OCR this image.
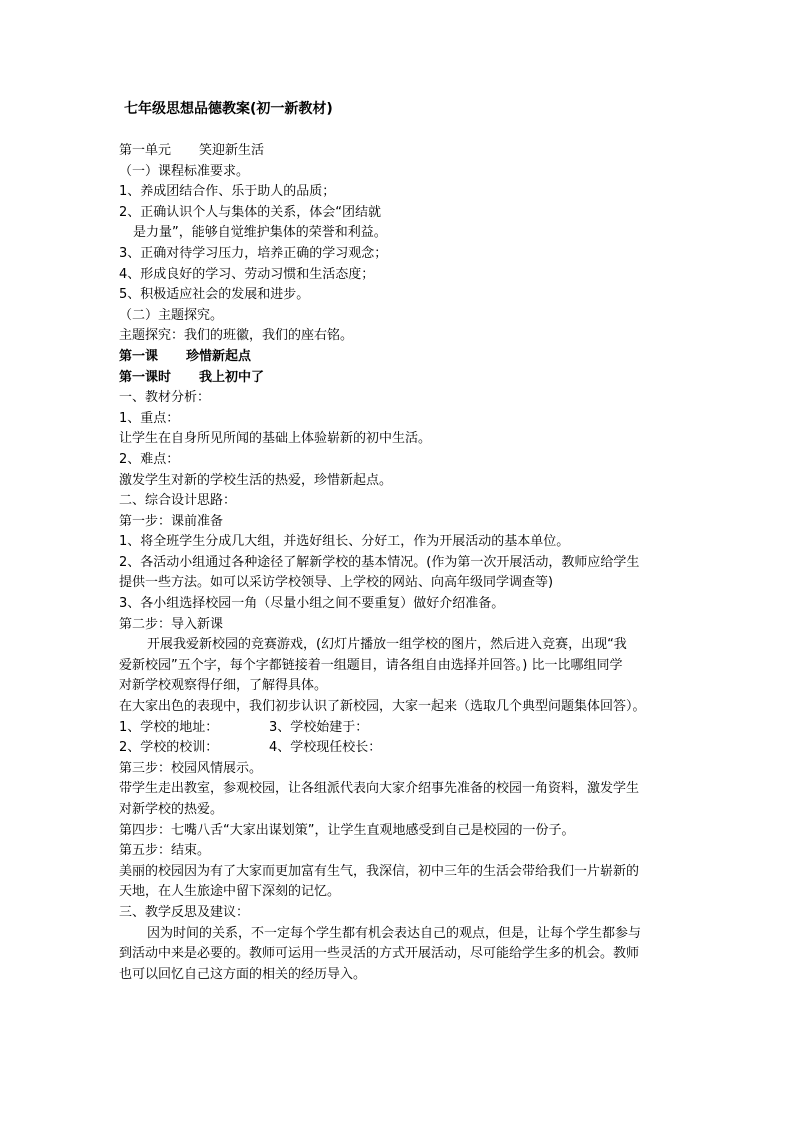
七年级思想品德教案(初一新教材)
第一单元 笑迎新生活
（一）课程标准要求。
1、养成团结合作、乐于助人的品质；
2、正确认识个人与集体的关系，体会“团结就
是力量”，能够自觉维护集体的荣誉和利益。
3、正确对待学习压力，培养正确的学习观念；
4、形成良好的学习、劳动习惯和生活态度；
5、积极适应社会的发展和进步。
（二）主题探究。
主题探究：我们的班徽，我们的座右铭。
第一课 珍惜新起点
第一课时 我上初中了
一、教材分析：
1、重点：
让学生在自身所见所闻的基础上体验崭新的初中生活。
2、难点：
激发学生对新的学校生活的热爱，珍惜新起点。
二、综合设计思路：
第一步：课前准备
1、将全班学生分成几大组，并选好组长、分好工，作为开展活动的基本单位。
2、各活动小组通过各种途径了解新学校的基本情况。(作为第一次开展活动，教师应给学生
提供一些方法。如可以采访学校领导、上学校的网站、向高年级同学调查等)
3、各小组选择校园一角（尽量小组之间不要重复）做好介绍准备。
第二步：导入新课
开展我爱新校园的竞赛游戏，(幻灯片播放一组学校的图片，然后进入竞赛，出现“我
爱新校园”五个字，每个字都链接着一组题目，请各组自由选择并回答。) 比一比哪组同学
对新学校观察得仔细，了解得具体。
在大家出色的表现中，我们初步认识了新校园，大家一起来（选取几个典型问题集体回答）。
1、学校的地址：	3、学校始建于：
2、学校的校训：	4、学校现任校长：
第三步：校园风情展示。
带学生走出教室，参观校园，让各组派代表向大家介绍事先准备的校园一角资料，激发学生
对新学校的热爱。
第四步：七嘴八舌“大家出谋划策”，让学生直观地感受到自己是校园的一份子。
第五步：结束。
美丽的校园因为有了大家而更加富有生气，我深信，初中三年的生活会带给我们一片崭新的
天地，在人生旅途中留下深刻的记忆。
三、教学反思及建议：
因为时间的关系，不一定每个学生都有机会表达自己的观点，但是，让每个学生都参与
到活动中来是必要的。教师可运用一些灵活的方式开展活动，尽可能给学生多的机会。教师
也可以回忆自己这方面的相关的经历导入。
